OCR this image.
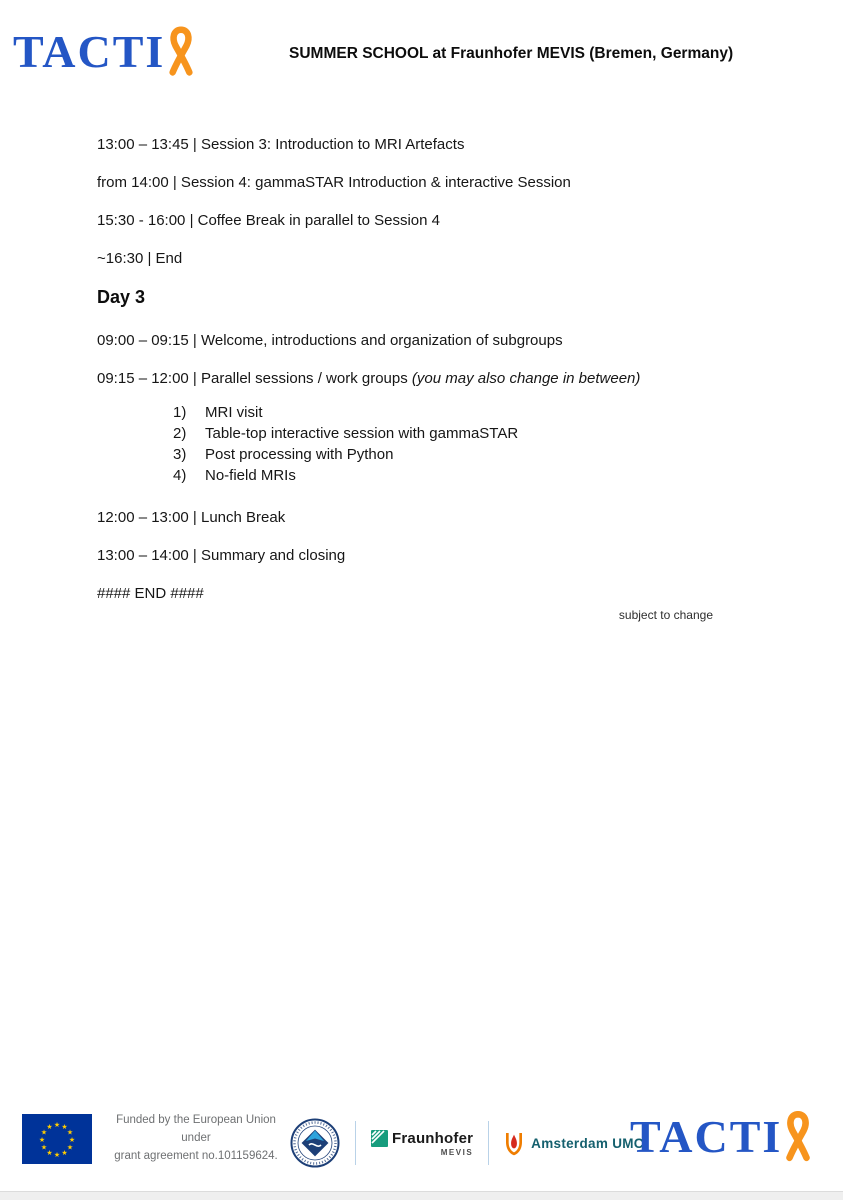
TACTI	SUMMER SCHOOL at Fraunhofer MEVIS (Bremen, Germany)
13:00 – 13:45 | Session 3: Introduction to MRI Artefacts
from 14:00 | Session 4: gammaSTAR Introduction & interactive Session
15:30 - 16:00 | Coffee Break in parallel to Session 4
~16:30 | End
Day 3
09:00 – 09:15 | Welcome, introductions and organization of subgroups
09:15 – 12:00 | Parallel sessions / work groups (you may also change in between)
1)	MRI visit
2)	Table-top interactive session with gammaSTAR
3)	Post processing with Python
4)	No-field MRIs
12:00 – 13:00 | Lunch Break
13:00 – 14:00 | Summary and closing
#### END ####
subject to change
★ ★
★
★
★
★
★
★
★
★
★
★
Funded by the European Union under
grant agreement no.101159624.
Fraunhofer
MEVIS
Amsterdam UMC
TACTI
